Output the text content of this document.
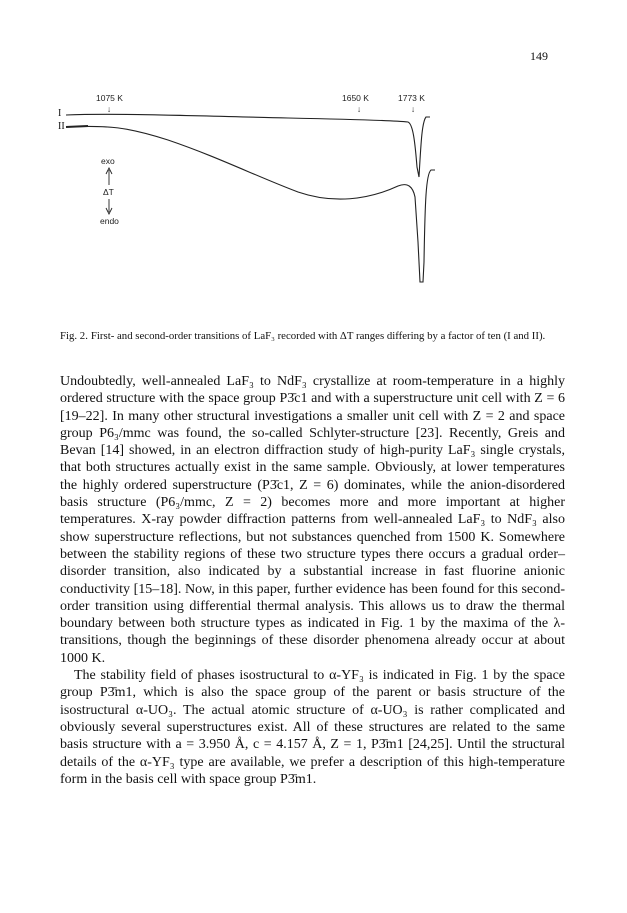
149
1075 K
↓
1650 K
↓
1773 K
↓
I
II
exo
ΔT
endo
Fig. 2. First- and second-order transitions of LaF₃ recorded with ΔT ranges differing by a factor of ten (I and II).

Undoubtedly, well-annealed LaF₃ to NdF₃ crystallize at room-temperature in a highly ordered structure with the space group P3̄c1 and with a superstructure unit cell with Z = 6 [19–22]. In many other structural investigations a smaller unit cell with Z = 2 and space group P6₃/mmc was found, the so-called Schlyter-structure [23]. Recently, Greis and Bevan [14] showed, in an electron diffraction study of high-purity LaF₃ single crystals, that both structures actually exist in the same sample. Obviously, at lower temperatures the highly ordered superstructure (P3̄c1, Z = 6) dominates, while the anion-disordered basis structure (P6₃/mmc, Z = 2) becomes more and more important at higher temperatures. X-ray powder diffraction patterns from well-annealed LaF₃ to NdF₃ also show superstructure reflections, but not substances quenched from 1500 K. Somewhere between the stability regions of these two structure types there occurs a gradual order–disorder transition, also indicated by a substantial increase in fast fluorine anionic conductivity [15–18]. Now, in this paper, further evidence has been found for this second-order transition using differential thermal analysis. This allows us to draw the thermal boundary between both structure types as indicated in Fig. 1 by the maxima of the λ-transitions, though the beginnings of these disorder phenomena already occur at about 1000 K.

The stability field of phases isostructural to α-YF₃ is indicated in Fig. 1 by the space group P3̄m1, which is also the space group of the parent or basis structure of the isostructural α-UO₃. The actual atomic structure of α-UO₃ is rather complicated and obviously several superstructures exist. All of these structures are related to the same basis structure with a = 3.950 Å, c = 4.157 Å, Z = 1, P3̄m1 [24,25]. Until the structural details of the α-YF₃ type are available, we prefer a description of this high-temperature form in the basis cell with space group P3̄m1.
